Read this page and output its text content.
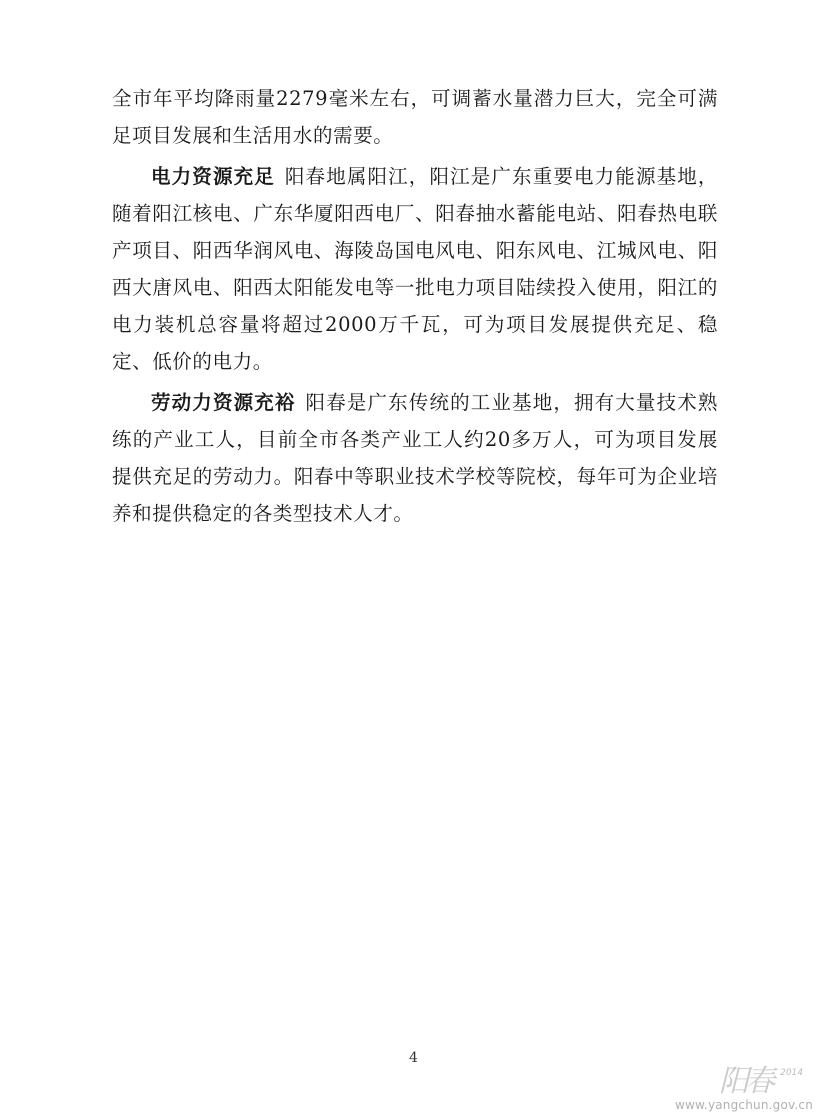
全市年平均降雨量2279毫米左右，可调蓄水量潜力巨大，完全可满足项目发展和生活用水的需要。

电力资源充足 阳春地属阳江，阳江是广东重要电力能源基地，随着阳江核电、广东华厦阳西电厂、阳春抽水蓄能电站、阳春热电联产项目、阳西华润风电、海陵岛国电风电、阳东风电、江城风电、阳西大唐风电、阳西太阳能发电等一批电力项目陆续投入使用，阳江的电力装机总容量将超过2000万千瓦，可为项目发展提供充足、稳定、低价的电力。

劳动力资源充裕 阳春是广东传统的工业基地，拥有大量技术熟练的产业工人，目前全市各类产业工人约20多万人，可为项目发展提供充足的劳动力。阳春中等职业技术学校等院校，每年可为企业培养和提供稳定的各类型技术人才。

4
阳春 2014
www.yangchun.gov.cn
